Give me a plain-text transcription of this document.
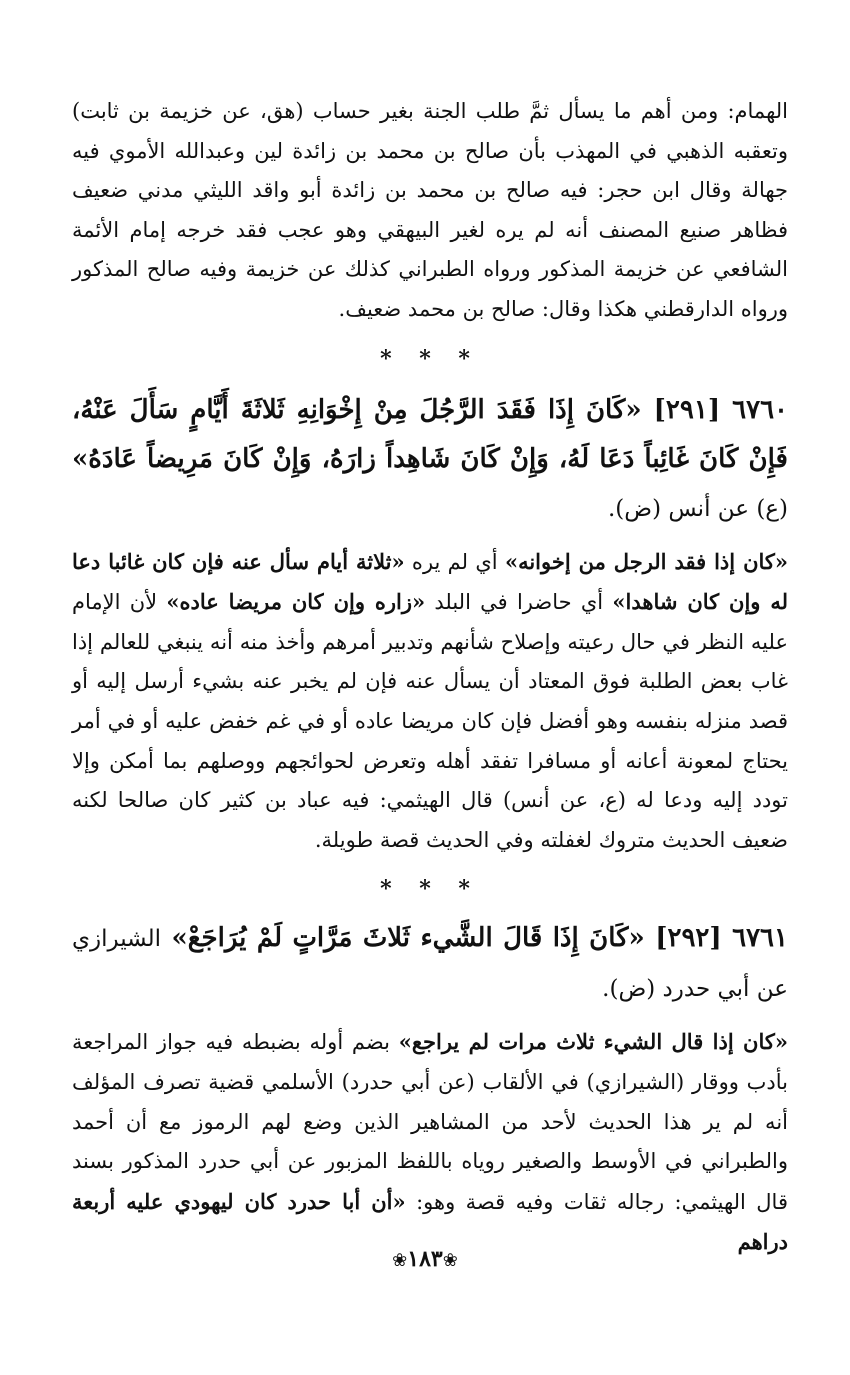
الهمام: ومن أهم ما يسأل ثمَّ طلب الجنة بغير حساب (هق، عن خزيمة بن ثابت) وتعقبه الذهبي في المهذب بأن صالح بن محمد بن زائدة لين وعبدالله الأموي فيه جهالة وقال ابن حجر: فيه صالح بن محمد بن زائدة أبو واقد الليثي مدني ضعيف فظاهر صنيع المصنف أنه لم يره لغير البيهقي وهو عجب فقد خرجه إمام الأئمة الشافعي عن خزيمة المذكور ورواه الطبراني كذلك عن خزيمة وفيه صالح المذكور ورواه الدارقطني هكذا وقال: صالح بن محمد ضعيف.

* * *

٦٧٦٠ [٢٩١] «كَانَ إِذَا فَقَدَ الرَّجُلَ مِنْ إِخْوَانِهِ ثَلاثَةَ أَيَّامٍ سَأَلَ عَنْهُ، فَإِنْ كَانَ غَائِباً دَعَا لَهُ، وَإِنْ كَانَ شَاهِداً زارَهُ، وَإِنْ كَانَ مَرِيضاً عَادَهُ» (ع) عن أنس (ض).

«كان إذا فقد الرجل من إخوانه» أي لم يره «ثلاثة أيام سأل عنه فإن كان غائبا دعا له وإن كان شاهدا» أي حاضرا في البلد «زاره وإن كان مريضا عاده» لأن الإمام عليه النظر في حال رعيته وإصلاح شأنهم وتدبير أمرهم وأخذ منه أنه ينبغي للعالم إذا غاب بعض الطلبة فوق المعتاد أن يسأل عنه فإن لم يخبر عنه بشيء أرسل إليه أو قصد منزله بنفسه وهو أفضل فإن كان مريضا عاده أو في غم خفض عليه أو في أمر يحتاج لمعونة أعانه أو مسافرا تفقد أهله وتعرض لحوائجهم ووصلهم بما أمكن وإلا تودد إليه ودعا له (ع، عن أنس) قال الهيثمي: فيه عباد بن كثير كان صالحا لكنه ضعيف الحديث متروك لغفلته وفي الحديث قصة طويلة.

* * *

٦٧٦١ [٢٩٢] «كَانَ إِذَا قَالَ الشَّيء ثَلاثَ مَرَّاتٍ لَمْ يُرَاجَعْ» الشيرازي عن أبي حدرد (ض).

«كان إذا قال الشيء ثلاث مرات لم يراجع» بضم أوله بضبطه فيه جواز المراجعة بأدب ووقار (الشيرازي) في الألقاب (عن أبي حدرد) الأسلمي قضية تصرف المؤلف أنه لم ير هذا الحديث لأحد من المشاهير الذين وضع لهم الرموز مع أن أحمد والطبراني في الأوسط والصغير روياه باللفظ المزبور عن أبي حدرد المذكور بسند قال الهيثمي: رجاله ثقات وفيه قصة وهو: «أن أبا حدرد كان ليهودي عليه أربعة دراهم

❀١٨٣❀
